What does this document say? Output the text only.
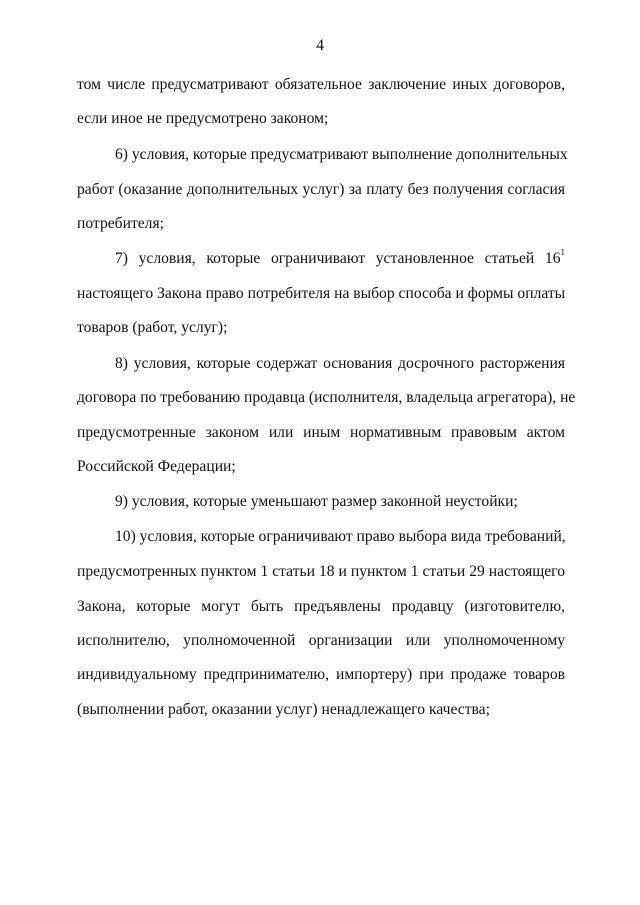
4

том числе предусматривают обязательное заключение иных договоров,

если иное не предусмотрено законом;

6) условия, которые предусматривают выполнение дополнительных

работ (оказание дополнительных услуг) за плату без получения согласия

потребителя;

7) условия, которые ограничивают установленное статьей $16^1$

настоящего Закона право потребителя на выбор способа и формы оплаты

товаров (работ, услуг);

8) условия, которые содержат основания досрочного расторжения

договора по требованию продавца (исполнителя, владельца агрегатора), не

предусмотренные законом или иным нормативным правовым актом

Российской Федерации;

9) условия, которые уменьшают размер законной неустойки;

10) условия, которые ограничивают право выбора вида требований,

предусмотренных пунктом 1 статьи 18 и пунктом 1 статьи 29 настоящего

Закона, которые могут быть предъявлены продавцу (изготовителю,

исполнителю, уполномоченной организации или уполномоченному

индивидуальному предпринимателю, импортеру) при продаже товаров

(выполнении работ, оказании услуг) ненадлежащего качества;
